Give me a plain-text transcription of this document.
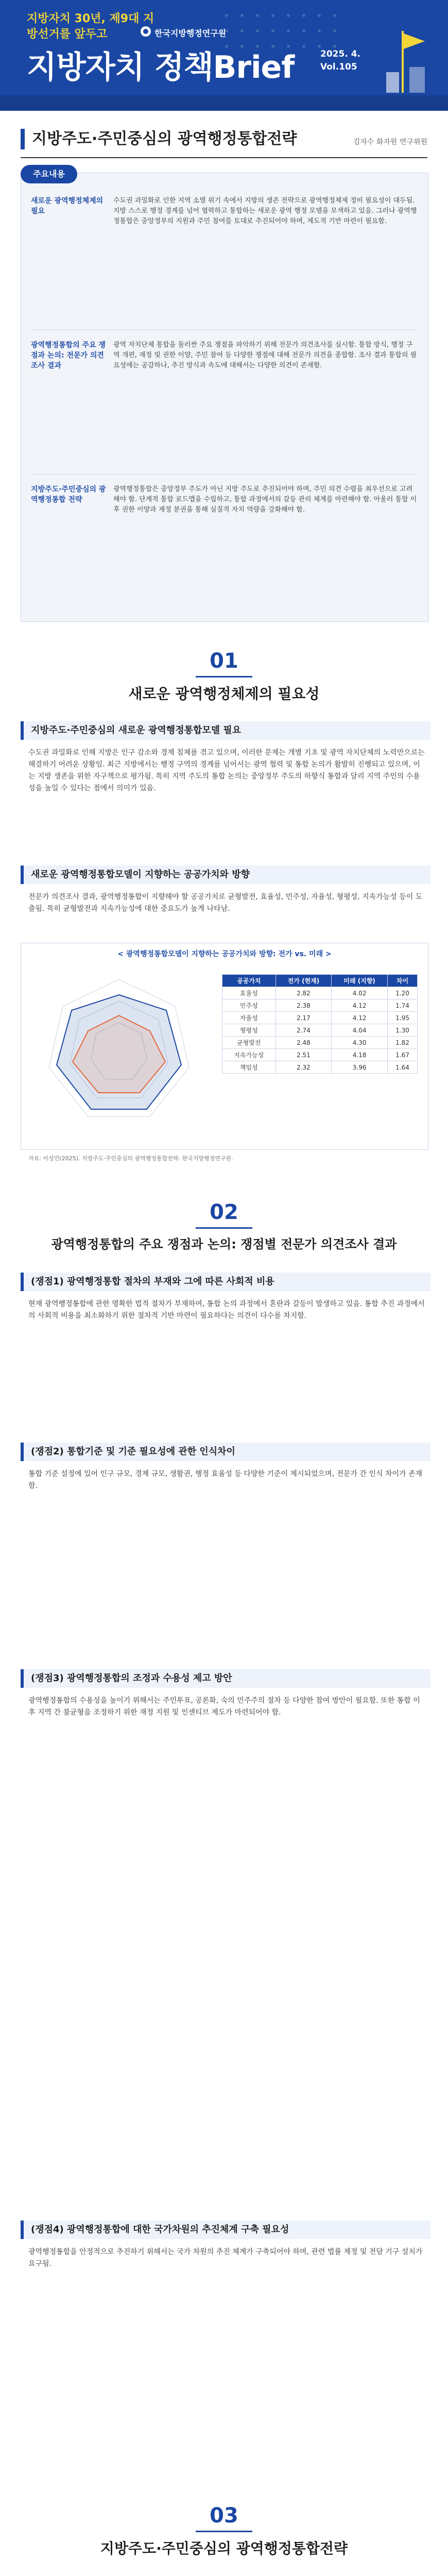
지방자치 30년, 제9대 지방선거를 앞두고	한국지방행정연구원
지방자치 정책Brief	2025. 4.
Vol.105
지방주도·주민중심의 광역행정통합전략	김자수 화자원 연구위원
주요내용
새로운 광역행정체제의 필요
수도권 과밀화로 인한 지역 소멸 위기 속에서 지방의 생존 전략으로 광역행정체제 정비 필요성이 대두됨. 지방 스스로 행정 경계를 넘어 협력하고 통합하는 새로운 광역 행정 모델을 모색하고 있음. 그러나 광역행정통합은 중앙정부의 지원과 주민 참여를 토대로 추진되어야 하며, 제도적 기반 마련이 필요함.
광역행정통합의 주요 쟁점과 논의: 전문가 의견조사 결과
광역 자치단체 통합을 둘러싼 주요 쟁점을 파악하기 위해 전문가 의견조사를 실시함. 통합 방식, 행정 구역 개편, 재정 및 권한 이양, 주민 참여 등 다양한 쟁점에 대해 전문가 의견을 종합함. 조사 결과 통합의 필요성에는 공감하나, 추진 방식과 속도에 대해서는 다양한 의견이 존재함.
지방주도·주민중심의 광역행정통합 전략
광역행정통합은 중앙정부 주도가 아닌 지방 주도로 추진되어야 하며, 주민 의견 수렴을 최우선으로 고려해야 함. 단계적 통합 로드맵을 수립하고, 통합 과정에서의 갈등 관리 체계를 마련해야 함. 아울러 통합 이후 권한 이양과 재정 분권을 통해 실질적 자치 역량을 강화해야 함.
01
새로운 광역행정체제의 필요성
지방주도·주민중심의 새로운 광역행정통합모델 필요
수도권 과밀화로 인해 지방은 인구 감소와 경제 침체를 겪고 있으며, 이러한 문제는 개별 기초 및 광역 자치단체의 노력만으로는 해결하기 어려운 상황임. 최근 지방에서는 행정 구역의 경계를 넘어서는 광역 협력 및 통합 논의가 활발히 진행되고 있으며, 이는 지방 생존을 위한 자구책으로 평가됨. 특히 지역 주도의 통합 논의는 중앙정부 주도의 하향식 통합과 달리 지역 주민의 수용성을 높일 수 있다는 점에서 의미가 있음.
새로운 광역행정통합모델이 지향하는 공공가치와 방향
전문가 의견조사 결과, 광역행정통합이 지향해야 할 공공가치로 균형발전, 효율성, 민주성, 자율성, 형평성, 지속가능성 등이 도출됨. 특히 균형발전과 지속가능성에 대한 중요도가 높게 나타남.
< 광역행정통합모델이 지향하는 공공가치와 방향: 전가 vs. 미래 >
공공가치	전가 (현재)	미래 (지향)	차이
효율성	2.82	4.02	1.20
민주성	2.38	4.12	1.74
자율성	2.17	4.12	1.95
형평성	2.74	4.04	1.30
균형발전	2.48	4.30	1.82
지속가능성	2.51	4.18	1.67
책임성	2.32	3.96	1.64
자료: 이성민(2025). 지방주도·주민중심의 광역행정통합전략. 한국지방행정연구원.
02
광역행정통합의 주요 쟁점과 논의: 쟁점별 전문가 의견조사 결과
(쟁점1) 광역행정통합 절차의 부재와 그에 따른 사회적 비용
현재 광역행정통합에 관한 명확한 법적 절차가 부재하여, 통합 논의 과정에서 혼란과 갈등이 발생하고 있음. 통합 추진 과정에서의 사회적 비용을 최소화하기 위한 절차적 기반 마련이 필요하다는 의견이 다수를 차지함.
(쟁점2) 통합기준 및 기준 필요성에 관한 인식차이
통합 기준 설정에 있어 인구 규모, 경제 규모, 생활권, 행정 효율성 등 다양한 기준이 제시되었으며, 전문가 간 인식 차이가 존재함.
(쟁점3) 광역행정통합의 조정과 수용성 제고 방안
광역행정통합의 수용성을 높이기 위해서는 주민투표, 공론화, 숙의 민주주의 절차 등 다양한 참여 방안이 필요함. 또한 통합 이후 지역 간 불균형을 조정하기 위한 재정 지원 및 인센티브 제도가 마련되어야 함.
(쟁점4) 광역행정통합에 대한 국가차원의 추진체계 구축 필요성
광역행정통합을 안정적으로 추진하기 위해서는 국가 차원의 추진 체계가 구축되어야 하며, 관련 법률 제정 및 전담 기구 설치가 요구됨.
03
지방주도·주민중심의 광역행정통합전략
